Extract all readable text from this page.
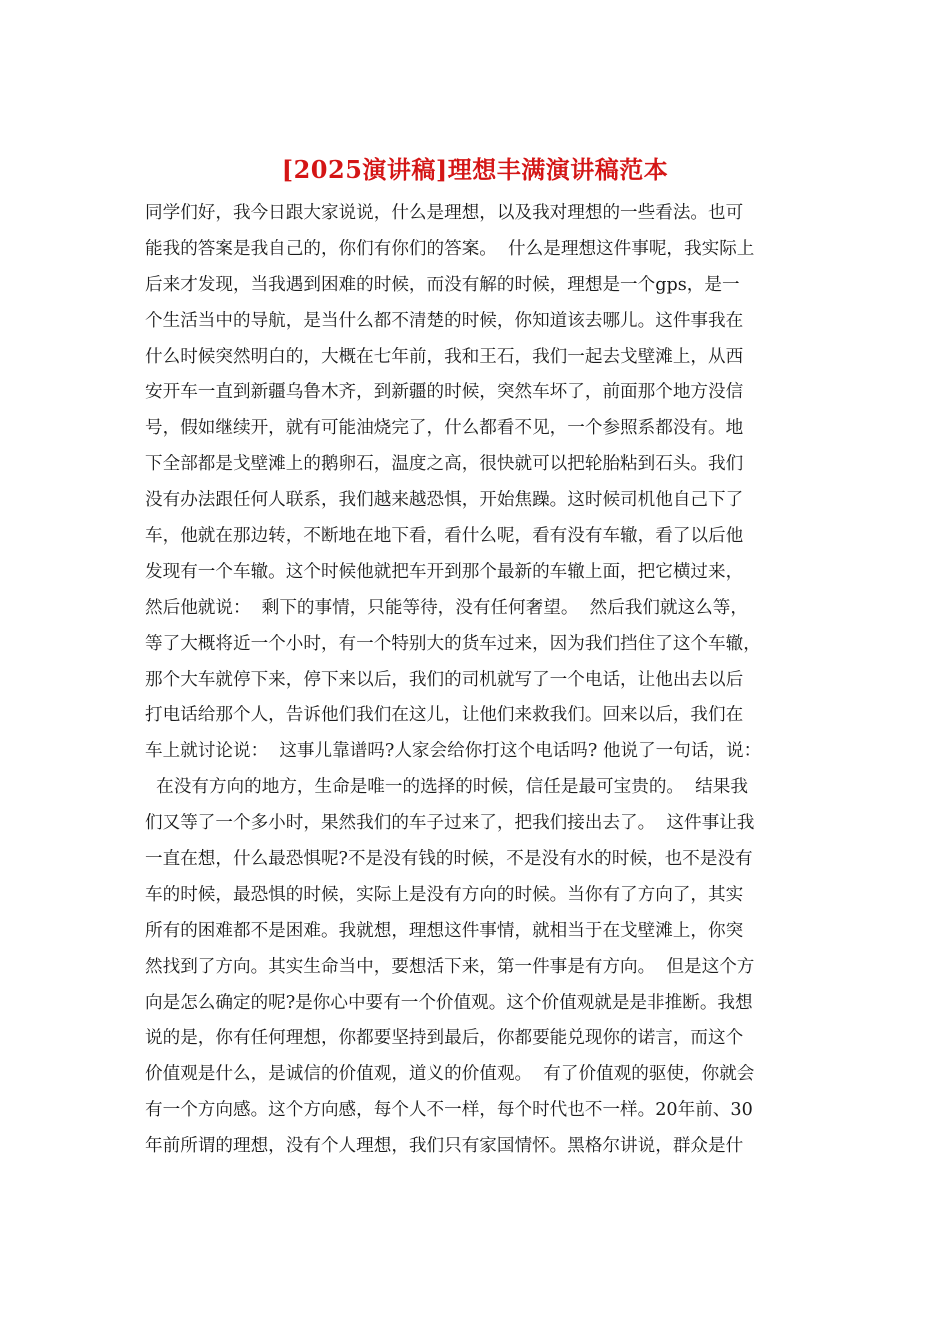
[2025演讲稿]理想丰满演讲稿范本
同学们好，我今日跟大家说说，什么是理想，以及我对理想的一些看法。也可
能我的答案是我自己的，你们有你们的答案。  什么是理想这件事呢，我实际上
后来才发现，当我遇到困难的时候，而没有解的时候，理想是一个gps，是一
个生活当中的导航，是当什么都不清楚的时候，你知道该去哪儿。这件事我在
什么时候突然明白的，大概在七年前，我和王石，我们一起去戈壁滩上，从西
安开车一直到新疆乌鲁木齐，到新疆的时候，突然车坏了，前面那个地方没信
号，假如继续开，就有可能油烧完了，什么都看不见，一个参照系都没有。地
下全部都是戈壁滩上的鹅卵石，温度之高，很快就可以把轮胎粘到石头。我们
没有办法跟任何人联系，我们越来越恐惧，开始焦躁。这时候司机他自己下了
车，他就在那边转，不断地在地下看，看什么呢，看有没有车辙，看了以后他
发现有一个车辙。这个时候他就把车开到那个最新的车辙上面，把它横过来，
然后他就说：  剩下的事情，只能等待，没有任何奢望。  然后我们就这么等，
等了大概将近一个小时，有一个特别大的货车过来，因为我们挡住了这个车辙，
那个大车就停下来，停下来以后，我们的司机就写了一个电话，让他出去以后
打电话给那个人，告诉他们我们在这儿，让他们来救我们。回来以后，我们在
车上就讨论说：  这事儿靠谱吗?人家会给你打这个电话吗? 他说了一句话，说：
在没有方向的地方，生命是唯一的选择的时候，信任是最可宝贵的。  结果我
们又等了一个多小时，果然我们的车子过来了，把我们接出去了。  这件事让我
一直在想，什么最恐惧呢?不是没有钱的时候，不是没有水的时候，也不是没有
车的时候，最恐惧的时候，实际上是没有方向的时候。当你有了方向了，其实
所有的困难都不是困难。我就想，理想这件事情，就相当于在戈壁滩上，你突
然找到了方向。其实生命当中，要想活下来，第一件事是有方向。  但是这个方
向是怎么确定的呢?是你心中要有一个价值观。这个价值观就是是非推断。我想
说的是，你有任何理想，你都要坚持到最后，你都要能兑现你的诺言，而这个
价值观是什么，是诚信的价值观，道义的价值观。  有了价值观的驱使，你就会
有一个方向感。这个方向感，每个人不一样，每个时代也不一样。20年前、30
年前所谓的理想，没有个人理想，我们只有家国情怀。黑格尔讲说，群众是什
